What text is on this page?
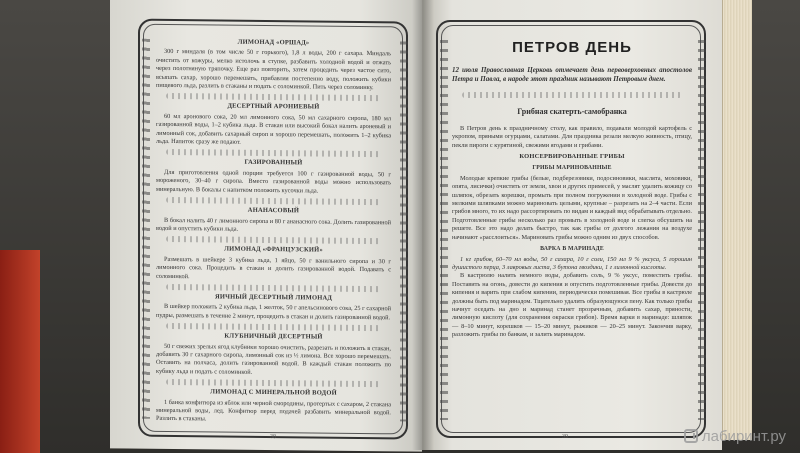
ЛИМОНАД «ОРШАД»
300 г миндаля (в том числе 50 г горького), 1,8 л воды, 200 г сахара. Миндаль очистить от кожуры, мелко истолочь в ступке, разбавить холодной водой и отжать через полотняную тряпочку. Еще раз повторить, затем процедить через частое сито, всыпать сахар, хорошо перемешать, прибавляя постепенно воду, положить кубики пищевого льда, разлить в стаканы и подать с соломинкой. Пить через соломинку.
ДЕСЕРТНЫЙ АРОНИЕВЫЙ
60 мл аронового сока, 20 мл лимонного сока, 50 мл сахарного сиропа, 180 мл газированной воды, 1–2 кубика льда. В стакан или высокий бокал налить ароневый и лимонный сок, добавить сахарный сироп и хорошо перемешать, положить 1–2 кубика льда. Напиток сразу же подают.
ГАЗИРОВАННЫЙ
Для приготовления одной порции требуется 100 г газированной воды, 50 г мороженого, 30–40 г сиропа. Вместо газированной воды можно использовать минеральную. В бокалы с напитком положить кусочки льда.
АНАНАСОВЫЙ
В бокал налить 40 г лимонного сиропа и 80 г ананасного сока. Долить газированной водой и опустить кубики льда.
ЛИМОНАД «ФРАНЦУЗСКИЙ»
Размешать в шейкере 3 кубика льда, 1 яйцо, 50 г ванильного сиропа и 30 г лимонного сока. Процедить в стакан и долить газированной водой. Подавать с соломинкой.
ЯИЧНЫЙ ДЕСЕРТНЫЙ ЛИМОНАД
В шейкер положить 2 кубика льда, 1 желток, 50 г апельсинового сока, 25 г сахарной пудры, размешать в течение 2 минут, процедить в стакан и долить газированной водой.
КЛУБНИЧНЫЙ ДЕСЕРТНЫЙ
50 г свежих зрелых ягод клубники хорошо очистить, разрезать и положить в стакан, добавить 30 г сахарного сиропа, лимонный сок из ½ лимона. Все хорошо перемешать. Оставить на полчаса, долить газированной водой. В каждый стакан положить по кубику льда и подать с соломинкой.
ЛИМОНАД С МИНЕРАЛЬНОЙ ВОДОЙ
1 банка конфитюра из яблок или черной смородины, протертых с сахаром, 2 стакана минеральной воды, лед. Конфитюр перед подачей разбавить минеральной водой. Разлить в стаканы.
38
ПЕТРОВ ДЕНЬ
12 июля Православная Церковь отмечает день первоверховных апостолов Петра и Павла, в народе этот праздник называют Петровым днем.
Грибная скатерть-самобранка
В Петров день к праздничному столу, как правило, подавали молодой картофель с укропом, пряными огурцами, салатами. Для праздника резали мелкую живность, птицу, пекли пироги с курятиной, свежими ягодами и грибами.
КОНСЕРВИРОВАННЫЕ ГРИБЫ
ГРИБЫ МАРИНОВАННЫЕ
Молодые крепкие грибы (белые, подберезовики, подосиновики, маслята, моховики, опята, лисички) очистить от земли, хвои и других примесей, у маслят удалить кожицу со шляпок, обрезать корешки, промыть при полном погружении в холодной воде. Грибы с мелкими шляпками можно мариновать целыми, крупные – разрезать на 2–4 части. Если грибов много, то их надо рассортировать по видам и каждый вид обрабатывать отдельно. Подготовленные грибы несколько раз промыть в холодной воде и слегка обсушить на решете. Все это надо делать быстро, так как грибы от долгого лежания на воздухе начинают «расслоиться». Мариновать грибы можно одним из двух способов.
ВАРКА В МАРИНАДЕ
1 кг грибов, 60–70 мл воды, 50 г сахара, 10 г соли, 150 мл 9 % уксуса, 5 горошин душистого перца, 3 лавровых листа, 3 бутона гвоздики, 1 г лимонной кислоты.
В кастрюлю налить немного воды, добавить соль, 9 % уксус, поместить грибы. Поставить на огонь, довести до кипения и опустить подготовленные грибы. Довести до кипения и варить при слабом кипении, периодически помешивая. Все грибы в кастрюле должны быть под маринадом. Тщательно удалить образующуюся пену. Как только грибы начнут оседать на дно и маринад станет прозрачным, добавить сахар, пряности, лимонную кислоту (для сохранения окраски грибов). Время варки в маринаде: шляпок — 8–10 минут, корешков — 15–20 минут, рыжиков — 20–25 минут. Закончив варку, разложить грибы по банкам, и залить маринадом.
39	лабиринт.ру
